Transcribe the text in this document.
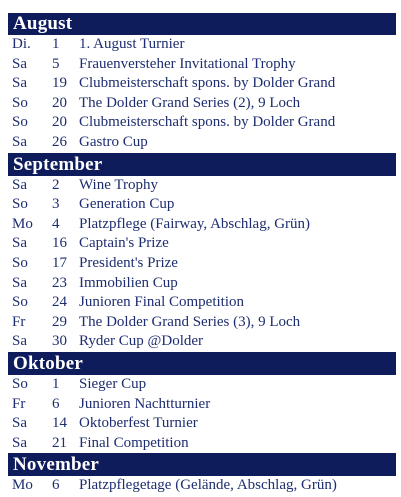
August
Di.	1	1. August Turnier
Sa	5	Frauenversteher Invitational Trophy
Sa	19 Clubmeisterschaft spons. by Dolder Grand
So	20 The Dolder Grand Series (2), 9 Loch
So	20 Clubmeisterschaft spons. by Dolder Grand
Sa	26 Gastro Cup
September
Sa	2	Wine Trophy
So	3	Generation Cup
Mo	4	Platzpflege (Fairway, Abschlag, Grün)
Sa	16 Captain's Prize
So	17 President's Prize
Sa	23 Immobilien Cup
So	24 Junioren Final Competition
Fr	29 The Dolder Grand Series (3), 9 Loch
Sa	30 Ryder Cup @Dolder
Oktober
So	1	Sieger Cup
Fr	6	Junioren Nachtturnier
Sa	14 Oktoberfest Turnier
Sa	21 Final Competition
November
Mo	6	Platzpflegetage (Gelände, Abschlag, Grün)
